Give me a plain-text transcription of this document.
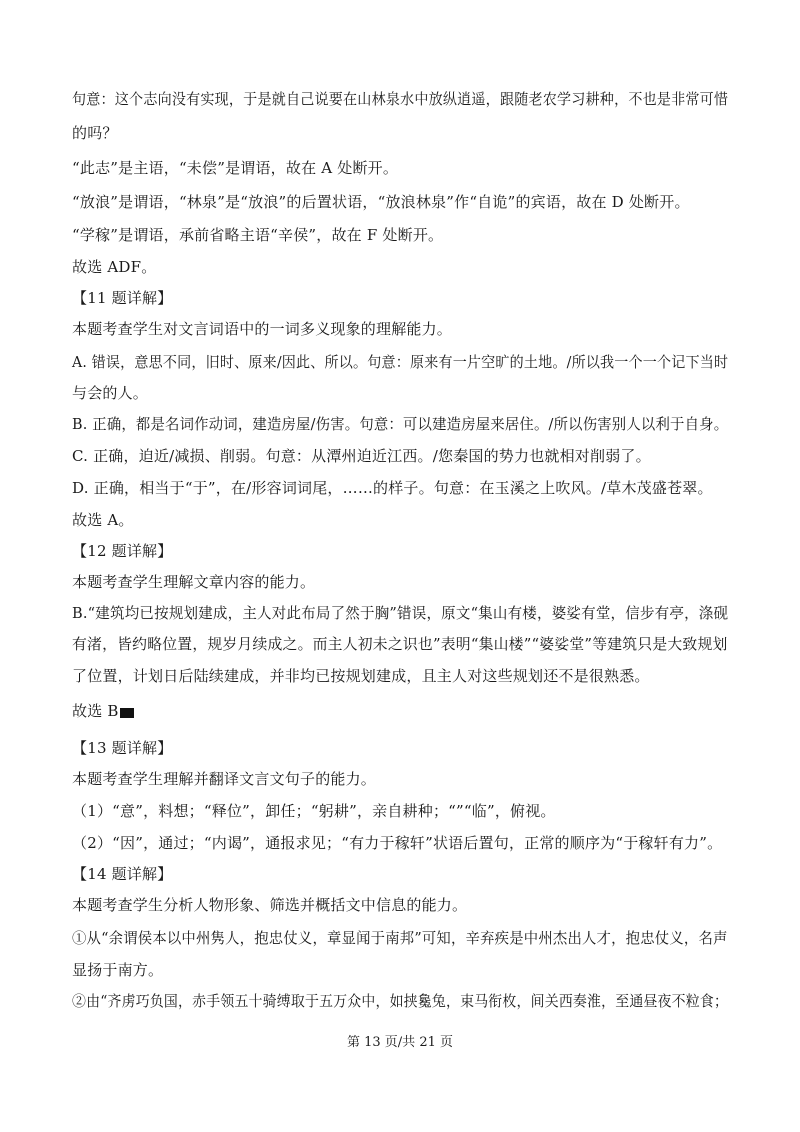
句意：这个志向没有实现，于是就自己说要在山林泉水中放纵逍遥，跟随老农学习耕种，不也是非常可惜
的吗？
“此志”是主语，“未偿”是谓语，故在 A 处断开。
“放浪”是谓语，“林泉”是“放浪”的后置状语，“放浪林泉”作“自诡”的宾语，故在 D 处断开。
“学稼”是谓语，承前省略主语“辛侯”，故在 F 处断开。
故选 ADF。
【11 题详解】
本题考查学生对文言词语中的一词多义现象的理解能力。
A. 错误，意思不同，旧时、原来/因此、所以。句意：原来有一片空旷的土地。/所以我一个一个记下当时
与会的人。
B. 正确，都是名词作动词，建造房屋/伤害。句意：可以建造房屋来居住。/所以伤害别人以利于自身。
C. 正确，迫近/减损、削弱。句意：从潭州迫近江西。/您秦国的势力也就相对削弱了。
D. 正确，相当于“于”，在/形容词词尾，……的样子。句意：在玉溪之上吹风。/草木茂盛苍翠。
故选 A。
【12 题详解】
本题考查学生理解文章内容的能力。
B.“建筑均已按规划建成，主人对此布局了然于胸”错误，原文“集山有楼，婆娑有堂，信步有亭，涤砚
有渚，皆约略位置，规岁月续成之。而主人初未之识也”表明“集山楼”“婆娑堂”等建筑只是大致规划
了位置，计划日后陆续建成，并非均已按规划建成，且主人对这些规划还不是很熟悉。
故选 B
【13 题详解】
本题考查学生理解并翻译文言文句子的能力。
（1）“意”，料想；“释位”，卸任；“躬耕”，亲自耕种；“”“临”，俯视。
（2）“因”，通过；“内谒”，通报求见；“有力于稼轩”状语后置句，正常的顺序为“于稼轩有力”。
【14 题详解】
本题考查学生分析人物形象、筛选并概括文中信息的能力。
①从“余谓侯本以中州隽人，抱忠仗义，章显闻于南邦”可知，辛弃疾是中州杰出人才，抱忠仗义，名声
显扬于南方。
②由“齐虏巧负国，赤手领五十骑缚取于五万众中，如挟毚兔，束马衔枚，间关西奏淮，至通昼夜不粒食；
第 13 页/共 21 页
